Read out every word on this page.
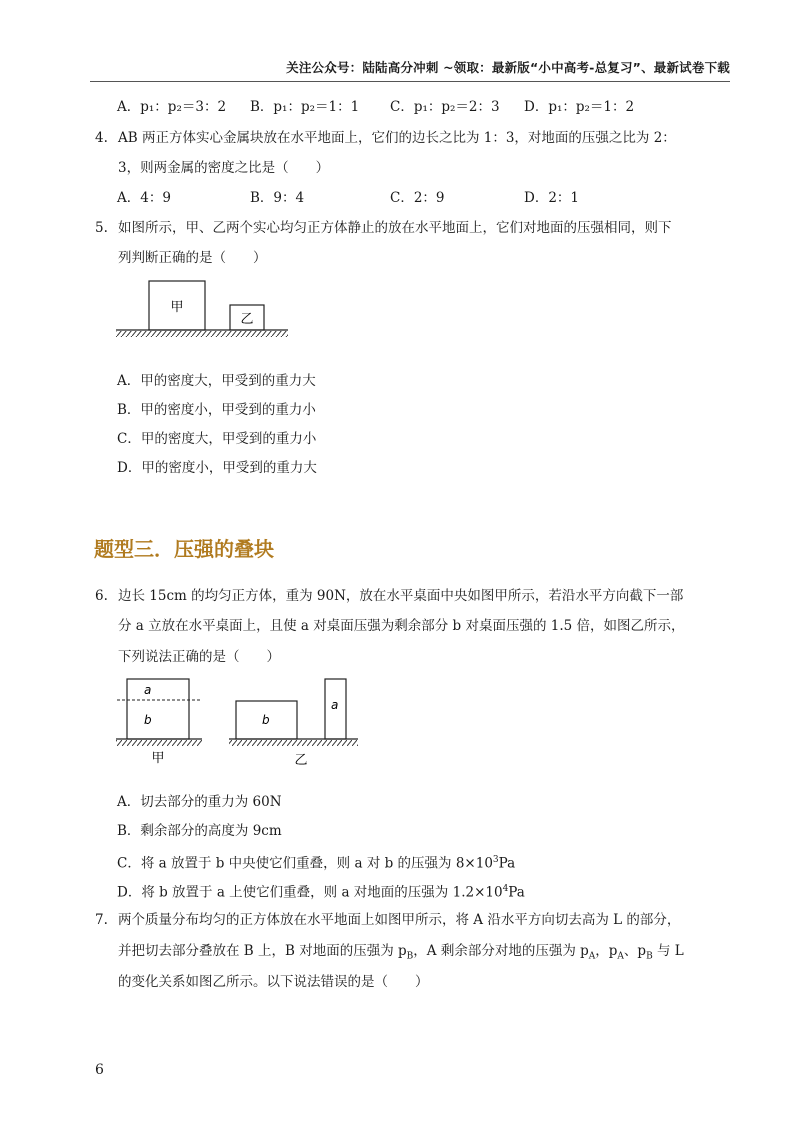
关注公众号：陆陆高分冲刺 ~领取：最新版“小中高考-总复习”、最新试卷下载
A．p₁：p₂＝3：2 B．p₁：p₂＝1：1 C．p₁：p₂＝2：3 D．p₁：p₂＝1：2
4. AB 两正方体实心金属块放在水平地面上，它们的边长之比为 1：3，对地面的压强之比为 2：
3，则两金属的密度之比是（　　）
A．4：9	B．9：4	C．2：9	D．2：1
5. 如图所示，甲、乙两个实心均匀正方体静止的放在水平地面上，它们对地面的压强相同，则下
列判断正确的是（　　）
甲
乙
A．甲的密度大，甲受到的重力大
B．甲的密度小，甲受到的重力小
C．甲的密度大，甲受到的重力小
D．甲的密度小，甲受到的重力大
题型三．压强的叠块
6. 边长 15cm 的均匀正方体，重为 90N，放在水平桌面中央如图甲所示，若沿水平方向截下一部
分 a 立放在水平桌面上，且使 a 对桌面压强为剩余部分 b 对桌面压强的 1.5 倍，如图乙所示，
下列说法正确的是（　　）
a
b
甲
b
a
乙
A．切去部分的重力为 60N
B．剩余部分的高度为 9cm
C．将 a 放置于 b 中央使它们重叠，则 a 对 b 的压强为 $8\times 10^3Pa$
D．将 b 放置于 a 上使它们重叠，则 a 对地面的压强为 $1.2\times 10^4Pa$
7. 两个质量分布均匀的正方体放在水平地面上如图甲所示，将 A 沿水平方向切去高为 L 的部分，
并把切去部分叠放在 B 上，B 对地面的压强为 $p_B$，A 剩余部分对地的压强为 $p_A$，$p_A$、$p_B$ 与 L
的变化关系如图乙所示。以下说法错误的是（　　）
6
